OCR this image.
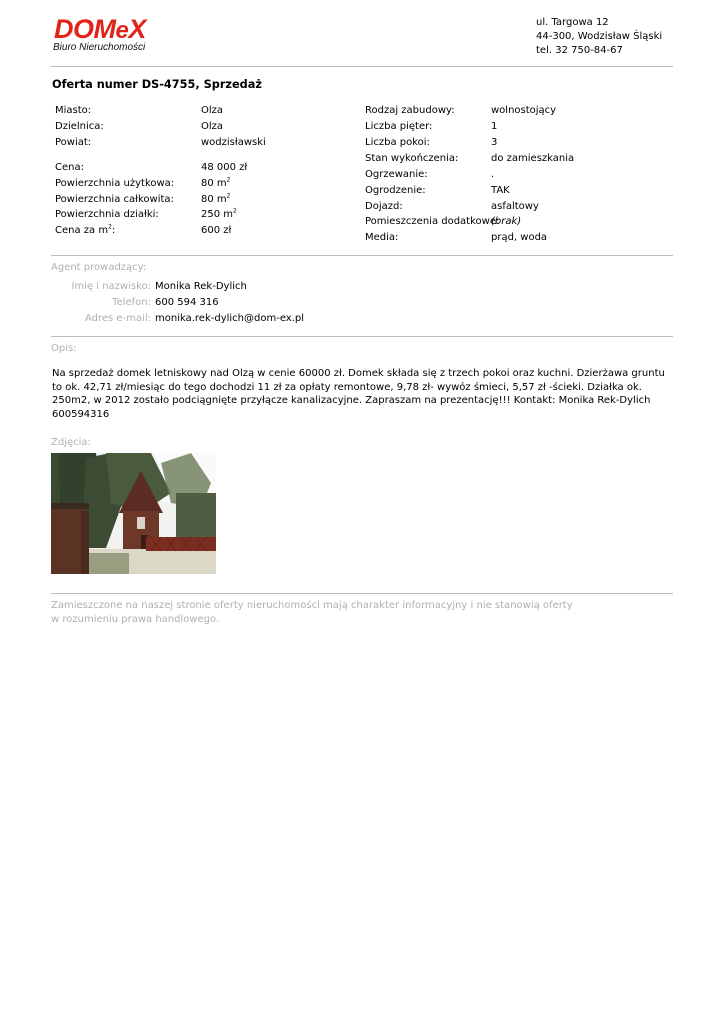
DOMeX
Biuro Nieruchomości
ul. Targowa 12
44-300, Wodzisław Śląski
tel. 32 750-84-67
Oferta numer DS-4755, Sprzedaż
Miasto:	Olza
Dzielnica:	Olza
Powiat:	wodzisławski
Cena:	48 000 zł
Powierzchnia użytkowa:	80 $m^2$
Powierzchnia całkowita:	80 $m^2$
Powierzchnia działki:	250 $m^2$
Cena za $m^2$:	600 zł
Rodzaj zabudowy:	wolnostojący
Liczba pięter:	1
Liczba pokoi:	3
Stan wykończenia:	do zamieszkania
Ogrzewanie:	.
Ogrodzenie:	TAK
Dojazd:	asfaltowy
Pomieszczenia dodatkowe:
(brak)
Media:	prąd, woda
Agent prowadzący:
Imię i nazwisko: Monika Rek-Dylich
Telefon: 600 594 316
Adres e-mail: monika.rek-dylich@dom-ex.pl
Opis:
Na sprzedaż domek letniskowy nad Olzą w cenie 60000 zł. Domek składa się z trzech pokoi oraz kuchni. Dzierżawa gruntu to ok. 42,71 zł/miesiąc do tego dochodzi 11 zł za opłaty remontowe, 9,78 zł- wywóz śmieci, 5,57 zł -ścieki. Działka ok. 250m2, w 2012 zostało podciągnięte przyłącze kanalizacyjne. Zapraszam na prezentację!!! Kontakt: Monika Rek-Dylich 600594316
Zdjęcia:
Zamieszczone na naszej stronie oferty nieruchomości mają charakter informacyjny i nie stanowią oferty
w rozumieniu prawa handlowego.
